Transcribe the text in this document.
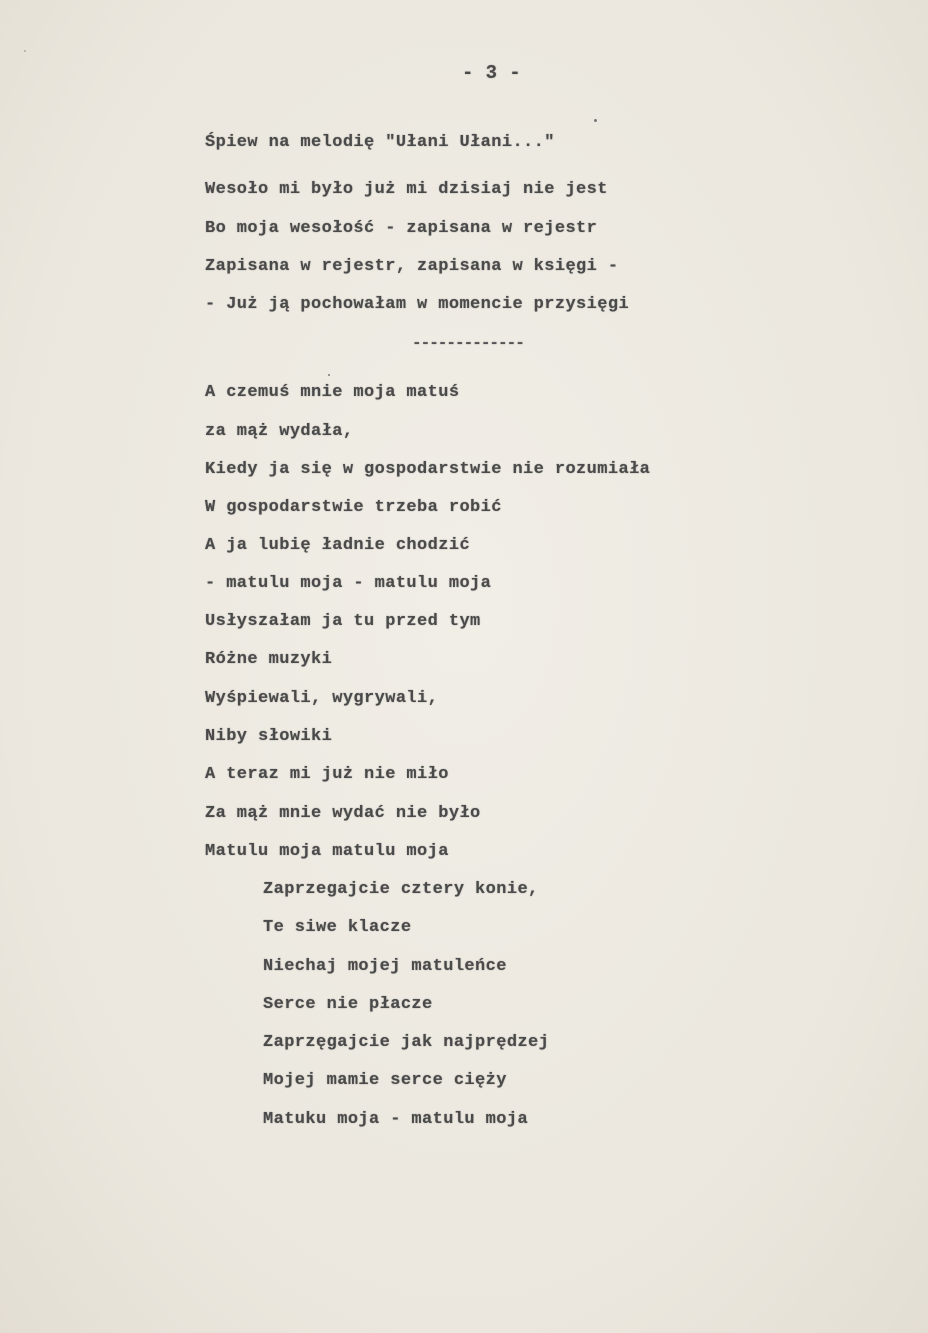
- 3 -
Śpiew na melodię "Ułani Ułani..."
Wesoło mi było już mi dzisiaj nie jest
Bo moja wesołość - zapisana w rejestr
Zapisana w rejestr, zapisana w księgi -
- Już ją pochowałam w momencie przysięgi
-------------
A czemuś mnie moja matuś
za mąż wydała,
Kiedy ja się w gospodarstwie nie rozumiała
W gospodarstwie trzeba robić
A ja lubię ładnie chodzić
- matulu moja - matulu moja
Usłyszałam ja tu przed tym
Różne muzyki
Wyśpiewali, wygrywali,
Niby słowiki
A teraz mi już nie miło
Za mąż mnie wydać nie było
Matulu moja matulu moja
Zaprzegajcie cztery konie,
Te siwe klacze
Niechaj mojej matuleńce
Serce nie płacze
Zaprzęgajcie jak najprędzej
Mojej mamie serce cięży
Matuku moja - matulu moja
